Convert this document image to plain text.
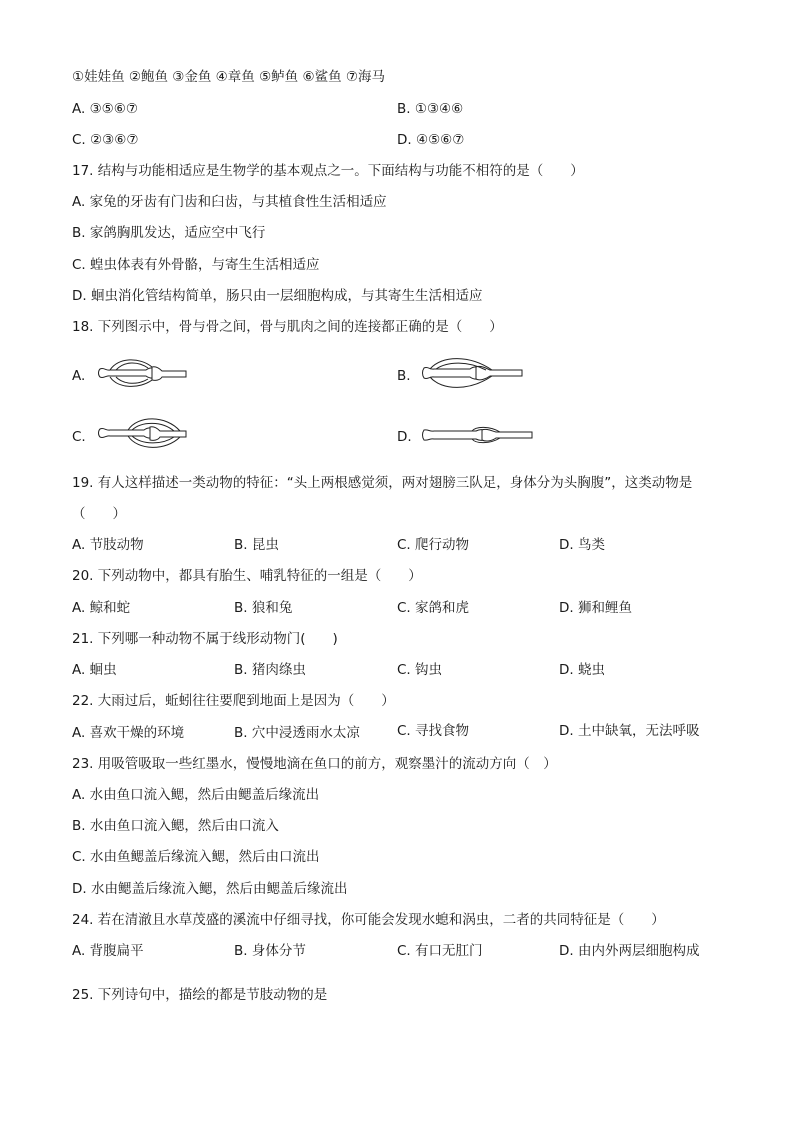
①娃娃鱼 ②鲍鱼 ③金鱼 ④章鱼 ⑤鲈鱼 ⑥鲨鱼 ⑦海马
A. ③⑤⑥⑦	B. ①③④⑥
C. ②③⑥⑦	D. ④⑤⑥⑦
17. 结构与功能相适应是生物学的基本观点之一。下面结构与功能不相符的是（　　）
A. 家兔的牙齿有门齿和臼齿，与其植食性生活相适应
B. 家鸽胸肌发达，适应空中飞行
C. 蝗虫体表有外骨骼，与寄生生活相适应
D. 蛔虫消化管结构简单，肠只由一层细胞构成，与其寄生生活相适应
18. 下列图示中，骨与骨之间，骨与肌肉之间的连接都正确的是（　　）
A.	B.
C.	D.
19. 有人这样描述一类动物的特征：“头上两根感觉须，两对翅膀三队足，身体分为头胸腹”，这类动物是
（　　）
A. 节肢动物	B. 昆虫	C. 爬行动物	D. 鸟类
20. 下列动物中，都具有胎生、哺乳特征的一组是（　　）
A. 鲸和蛇	B. 狼和兔	C. 家鸽和虎	D. 狮和鲤鱼
21. 下列哪一种动物不属于线形动物门(　　)
A. 蛔虫	B. 猪肉绦虫	C. 钩虫	D. 蛲虫
22. 大雨过后，蚯蚓往往要爬到地面上是因为（　　）
A. 喜欢干燥的环境	B. 穴中浸透雨水太凉	C. 寻找食物	D. 土中缺氧，无法呼吸
23. 用吸管吸取一些红墨水，慢慢地滴在鱼口的前方，观察墨汁的流动方向（　）
A. 水由鱼口流入鳃，然后由鳃盖后缘流出
B. 水由鱼口流入鳃，然后由口流入
C. 水由鱼鳃盖后缘流入鳃，然后由口流出
D. 水由鳃盖后缘流入鳃，然后由鳃盖后缘流出
24. 若在清澈且水草茂盛的溪流中仔细寻找，你可能会发现水螅和涡虫，二者的共同特征是（　　）
A. 背腹扁平	B. 身体分节	C. 有口无肛门	D. 由内外两层细胞构成
25. 下列诗句中，描绘的都是节肢动物的是
